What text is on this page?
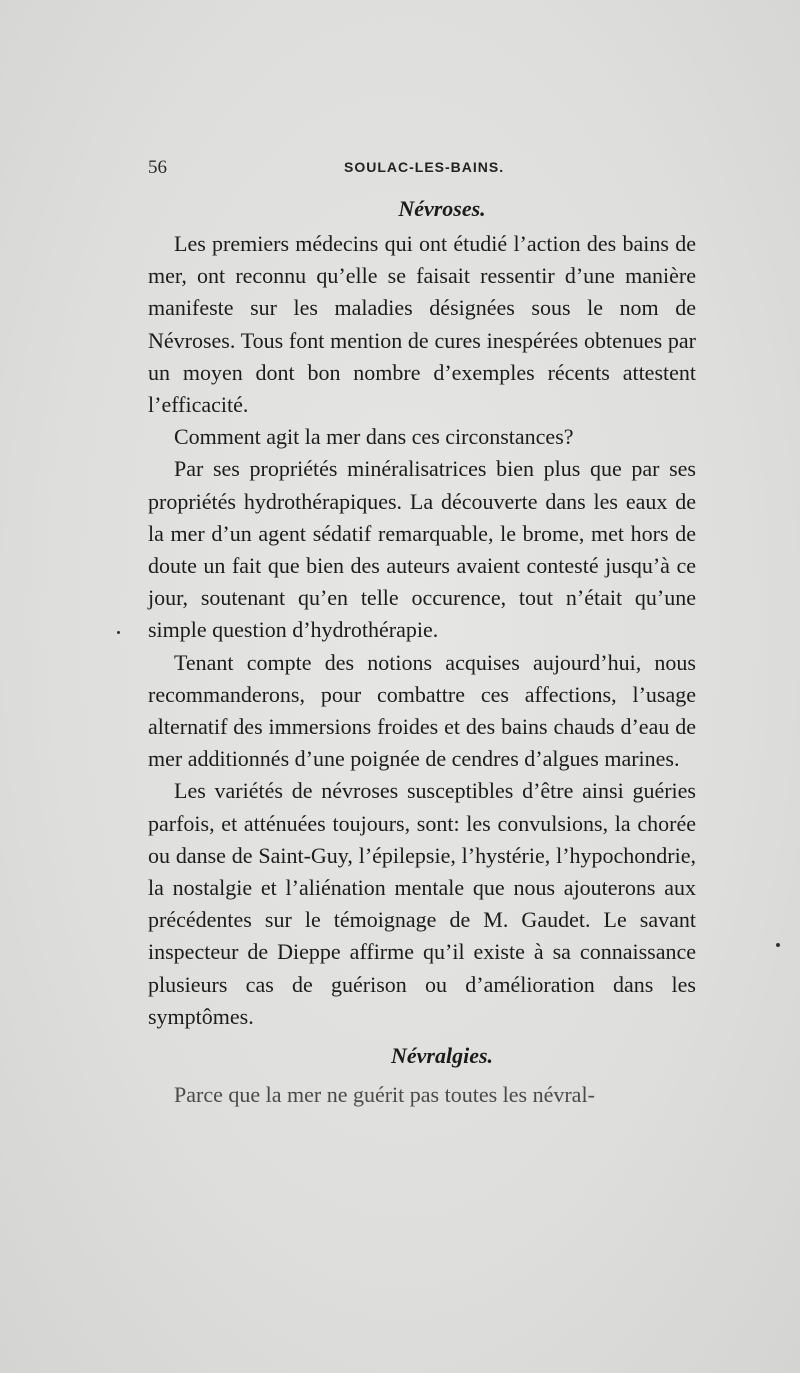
56	SOULAC-LES-BAINS.
Névroses.

Les premiers médecins qui ont étudié l’action des bains de mer, ont reconnu qu’elle se faisait ressentir d’une manière manifeste sur les maladies désignées sous le nom de Névroses. Tous font mention de cures inespérées obtenues par un moyen dont bon nombre d’exemples récents attestent l’efficacité.

Comment agit la mer dans ces circonstances?

Par ses propriétés minéralisatrices bien plus que par ses propriétés hydrothérapiques. La découverte dans les eaux de la mer d’un agent sédatif remarquable, le brome, met hors de doute un fait que bien des auteurs avaient contesté jusqu’à ce jour, soutenant qu’en telle occurence, tout n’était qu’une simple question d’hydrothérapie.

Tenant compte des notions acquises aujourd’hui, nous recommanderons, pour combattre ces affections, l’usage alternatif des immersions froides et des bains chauds d’eau de mer additionnés d’une poignée de cendres d’algues marines.

Les variétés de névroses susceptibles d’être ainsi guéries parfois, et atténuées toujours, sont: les convulsions, la chorée ou danse de Saint-Guy, l’épilepsie, l’hystérie, l’hypochondrie, la nostalgie et l’aliénation mentale que nous ajouterons aux précédentes sur le témoignage de M. Gaudet. Le savant inspecteur de Dieppe affirme qu’il existe à sa connaissance plusieurs cas de guérison ou d’amélioration dans les symptômes.

Névralgies.

Parce que la mer ne guérit pas toutes les névral-
